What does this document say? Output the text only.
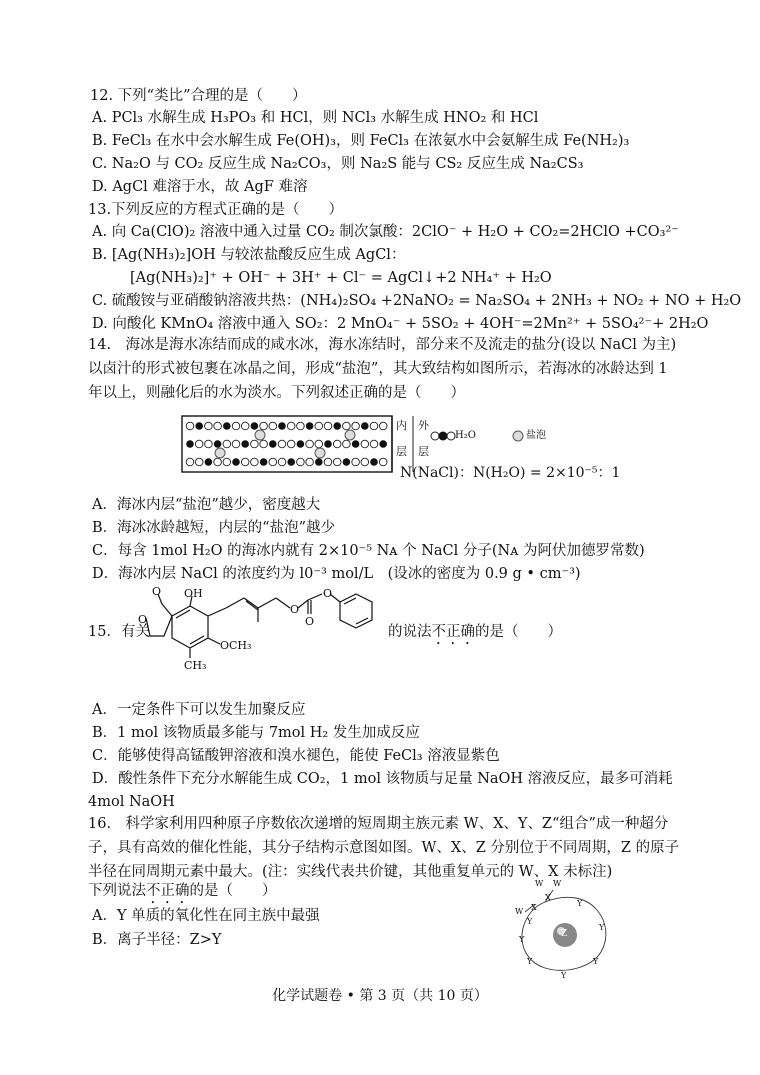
12. 下列“类比”合理的是（　　）
A. PCl₃ 水解生成 H₃PO₃ 和 HCl，则 NCl₃ 水解生成 HNO₂ 和 HCl
B. FeCl₃ 在水中会水解生成 Fe(OH)₃，则 FeCl₃ 在浓氨水中会氨解生成 Fe(NH₂)₃
C. Na₂O 与 CO₂ 反应生成 Na₂CO₃，则 Na₂S 能与 CS₂ 反应生成 Na₂CS₃
D. AgCl 难溶于水，故 AgF 难溶
13.下列反应的方程式正确的是（　　）
A. 向 Ca(ClO)₂ 溶液中通入过量 CO₂ 制次氯酸：2ClO⁻ + H₂O + CO₂=2HClO +CO₃²⁻
B. [Ag(NH₃)₂]OH 与较浓盐酸反应生成 AgCl：
[Ag(NH₃)₂]⁺ + OH⁻ + 3H⁺ + Cl⁻ = AgCl↓+2 NH₄⁺ + H₂O
C. 硫酸铵与亚硝酸钠溶液共热：(NH₄)₂SO₄ +2NaNO₂ = Na₂SO₄ + 2NH₃ + NO₂ + NO + H₂O
D. 向酸化 KMnO₄ 溶液中通入 SO₂：2 MnO₄⁻ + 5SO₂ + 4OH⁻=2Mn²⁺ + 5SO₄²⁻+ 2H₂O
14.　海冰是海水冻结而成的咸水冰，海水冻结时，部分来不及流走的盐分(设以 NaCl 为主)以卤汁的形式被包裹在冰晶之间，形成“盐泡”，其大致结构如图所示，若海冰的冰龄达到 1 年以上，则融化后的水为淡水。下列叙述正确的是（　　）
内
层
外
层
H₂O	盐泡
N(NaCl)：N(H₂O) = 2×10⁻⁵：1
A．海冰内层“盐泡”越少，密度越大
B．海冰冰龄越短，内层的“盐泡”越少
C．每含 1mol H₂O 的海冰内就有 2×10⁻⁵ Nᴀ 个 NaCl 分子(Nᴀ 为阿伏加德罗常数)
D．海冰内层 NaCl 的浓度约为 l0⁻³ mol/L　(设冰的密度为 0.9 g • cm⁻³)
15．有关
OH
O
O
OCH₃
CH₃
O
O
O
的说法不正确的是（　　）
A．一定条件下可以发生加聚反应
B．1 mol 该物质最多能与 7mol H₂ 发生加成反应
C．能够使得高锰酸钾溶液和溴水褪色，能使 FeCl₃ 溶液显紫色
D．酸性条件下充分水解能生成 CO₂，1 mol 该物质与足量 NaOH 溶液反应，最多可消耗
4mol NaOH
16.　科学家利用四种原子序数依次递增的短周期主族元素 W、X、Y、Z“组合”成一种超分子，具有高效的催化性能，其分子结构示意图如图。W、X、Z 分别位于不同周期，Z 的原子半径在同周期元素中最大。(注：实线代表共价键，其他重复单元的 W、X 未标注)
下列说法不正确的是（　　）
A．Y 单质的氧化性在同主族中最强
B．离子半径：Z>Y	Z
W W
W
X
X
Y
Y
Y
Y
Y
Y
Y
化学试题卷 • 第 3 页（共 10 页）
